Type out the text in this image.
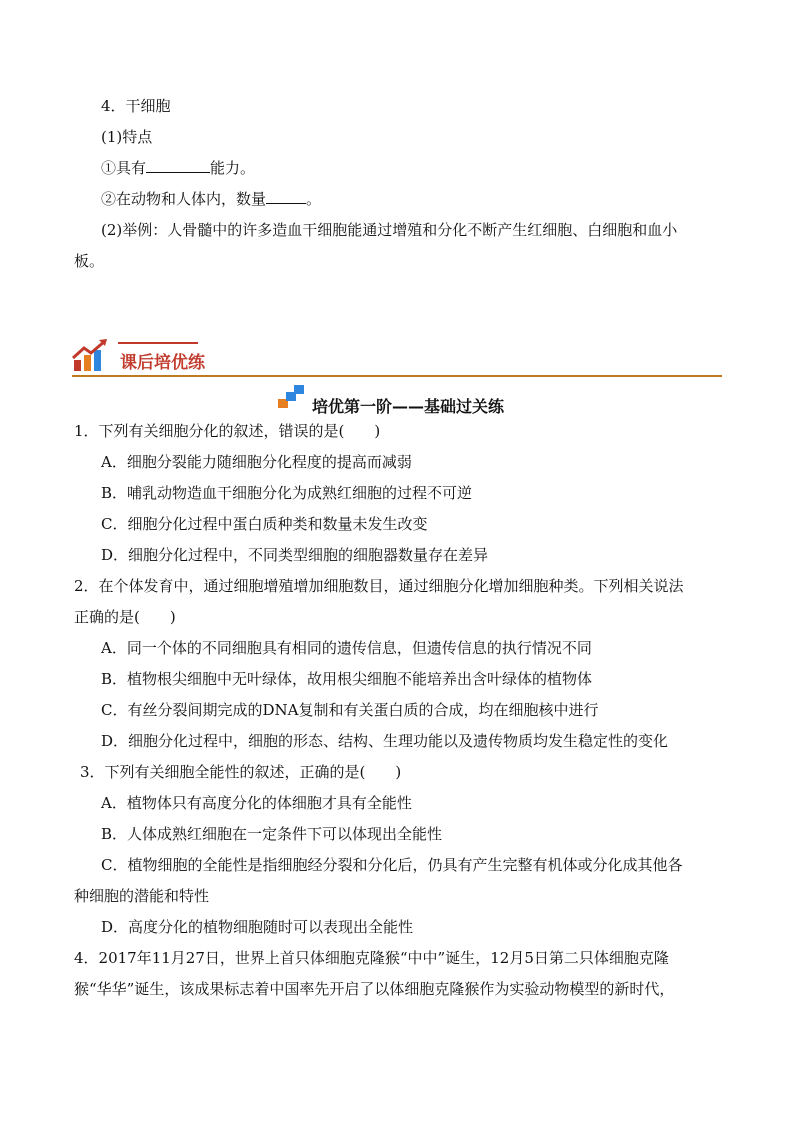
4．干细胞
(1)特点
①具有	能力。
②在动物和人体内，数量	。
(2)举例：人骨髓中的许多造血干细胞能通过增殖和分化不断产生红细胞、白细胞和血小
板。
课后培优练
培优第一阶——基础过关练
1．下列有关细胞分化的叙述，错误的是(　　)
A．细胞分裂能力随细胞分化程度的提高而减弱
B．哺乳动物造血干细胞分化为成熟红细胞的过程不可逆
C．细胞分化过程中蛋白质种类和数量未发生改变
D．细胞分化过程中，不同类型细胞的细胞器数量存在差异
2．在个体发育中，通过细胞增殖增加细胞数目，通过细胞分化增加细胞种类。下列相关说法
正确的是(　　)
A．同一个体的不同细胞具有相同的遗传信息，但遗传信息的执行情况不同
B．植物根尖细胞中无叶绿体，故用根尖细胞不能培养出含叶绿体的植物体
C．有丝分裂间期完成的DNA复制和有关蛋白质的合成，均在细胞核中进行
D．细胞分化过程中，细胞的形态、结构、生理功能以及遗传物质均发生稳定性的变化
3．下列有关细胞全能性的叙述，正确的是(　　)
A．植物体只有高度分化的体细胞才具有全能性
B．人体成熟红细胞在一定条件下可以体现出全能性
C．植物细胞的全能性是指细胞经分裂和分化后，仍具有产生完整有机体或分化成其他各
种细胞的潜能和特性
D．高度分化的植物细胞随时可以表现出全能性
4．2017年11月27日，世界上首只体细胞克隆猴“中中”诞生，12月5日第二只体细胞克隆
猴“华华”诞生，该成果标志着中国率先开启了以体细胞克隆猴作为实验动物模型的新时代，
